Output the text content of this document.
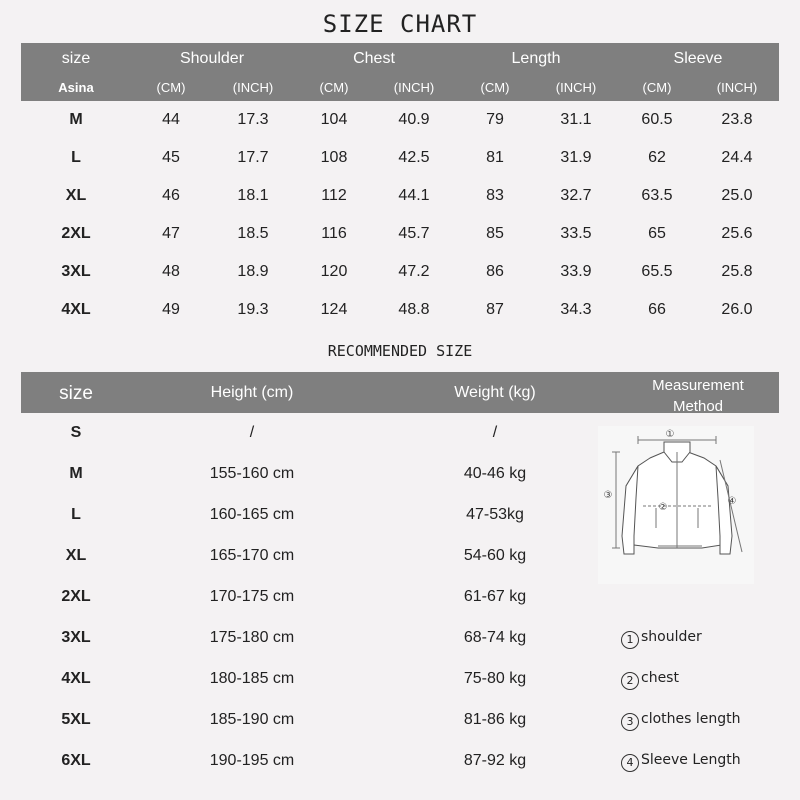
SIZE CHART
size	Shoulder	Chest	Length	Sleeve
Asina	(CM)	(INCH)	(CM)	(INCH)	(CM)	(INCH)	(CM)	(INCH)
M	44	17.3	104	40.9	79	31.1	60.5	23.8
L	45	17.7	108	42.5	81	31.9	62	24.4
XL	46	18.1	112	44.1	83	32.7	63.5	25.0
2XL	47	18.5	116	45.7	85	33.5	65	25.6
3XL	48	18.9	120	47.2	86	33.9	65.5	25.8
4XL	49	19.3	124	48.8	87	34.3	66	26.0
RECOMMENDED SIZE
size	Height (cm)	Weight (kg)	Measurement Method
S	/	/
M	155-160 cm	40-46 kg
L	160-165 cm	47-53kg
XL	165-170 cm	54-60 kg
2XL	170-175 cm	61-67 kg
3XL	175-180 cm	68-74 kg
4XL	180-185 cm	75-80 kg
5XL	185-190 cm	81-86 kg
6XL	190-195 cm	87-92 kg
①
②
③
④
1 shoulder
2 chest
3 clothes length
4 Sleeve Length
